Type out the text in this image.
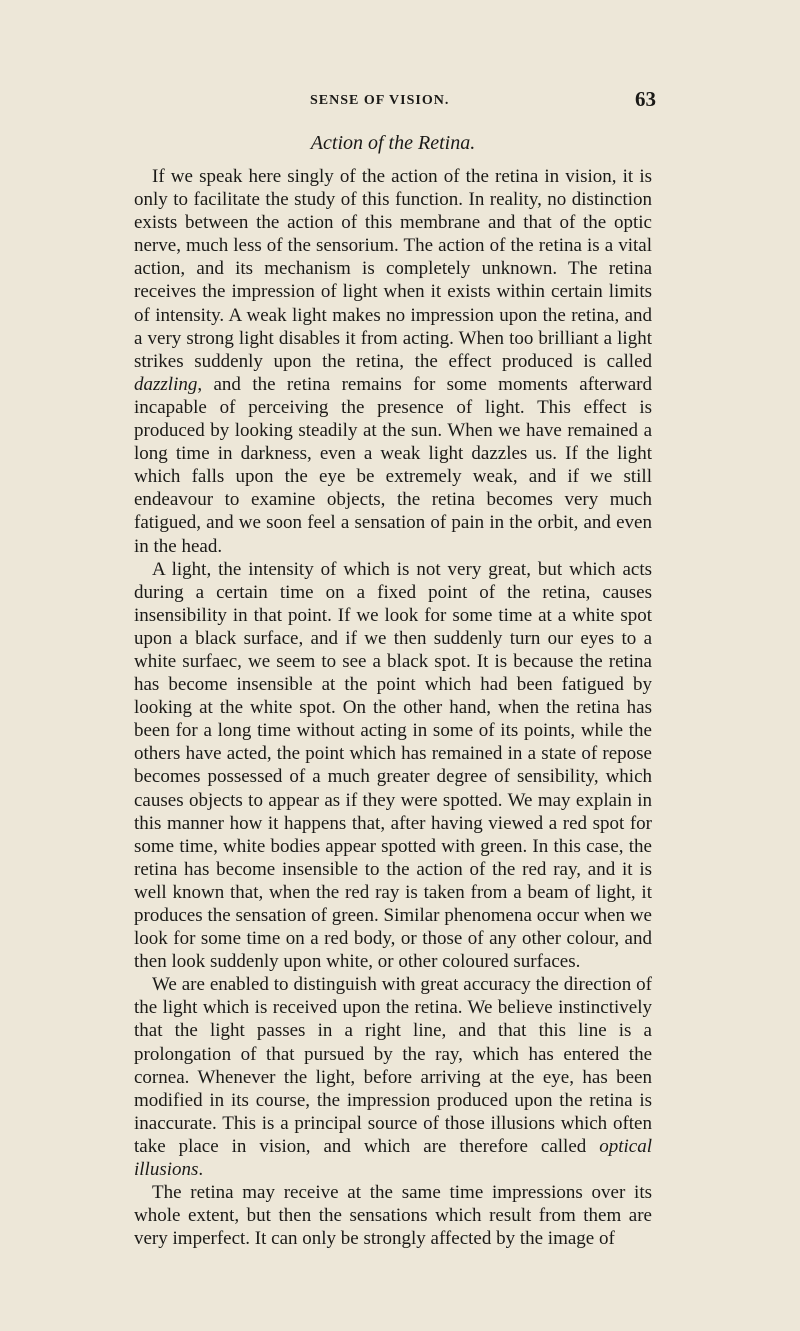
SENSE OF VISION.	63
Action of the Retina.

If we speak here singly of the action of the retina in vision, it is only to facilitate the study of this function. In reality, no distinction exists between the action of this membrane and that of the optic nerve, much less of the sensorium. The action of the retina is a vital action, and its mechanism is completely unknown. The retina receives the impression of light when it exists within certain limits of intensity. A weak light makes no impression upon the retina, and a very strong light disables it from acting. When too brilliant a light strikes suddenly upon the retina, the effect produced is called dazzling, and the retina remains for some moments afterward incapable of perceiving the presence of light. This effect is produced by looking steadily at the sun. When we have remained a long time in darkness, even a weak light dazzles us. If the light which falls upon the eye be extremely weak, and if we still endeavour to examine objects, the retina becomes very much fatigued, and we soon feel a sensation of pain in the orbit, and even in the head.

A light, the intensity of which is not very great, but which acts during a certain time on a fixed point of the retina, causes insensibility in that point. If we look for some time at a white spot upon a black surface, and if we then suddenly turn our eyes to a white surfaec, we seem to see a black spot. It is because the retina has become insensible at the point which had been fatigued by looking at the white spot. On the other hand, when the retina has been for a long time without acting in some of its points, while the others have acted, the point which has remained in a state of repose becomes possessed of a much greater degree of sensibility, which causes objects to appear as if they were spotted. We may explain in this manner how it happens that, after having viewed a red spot for some time, white bodies appear spotted with green. In this case, the retina has become insensible to the action of the red ray, and it is well known that, when the red ray is taken from a beam of light, it produces the sensation of green. Similar phenomena occur when we look for some time on a red body, or those of any other colour, and then look suddenly upon white, or other coloured surfaces.

We are enabled to distinguish with great accuracy the direction of the light which is received upon the retina. We believe instinctively that the light passes in a right line, and that this line is a prolongation of that pursued by the ray, which has entered the cornea. Whenever the light, before arriving at the eye, has been modified in its course, the impression produced upon the retina is inaccurate. This is a principal source of those illusions which often take place in vision, and which are therefore called optical illusions.

The retina may receive at the same time impressions over its whole extent, but then the sensations which result from them are very imperfect. It can only be strongly affected by the image of
